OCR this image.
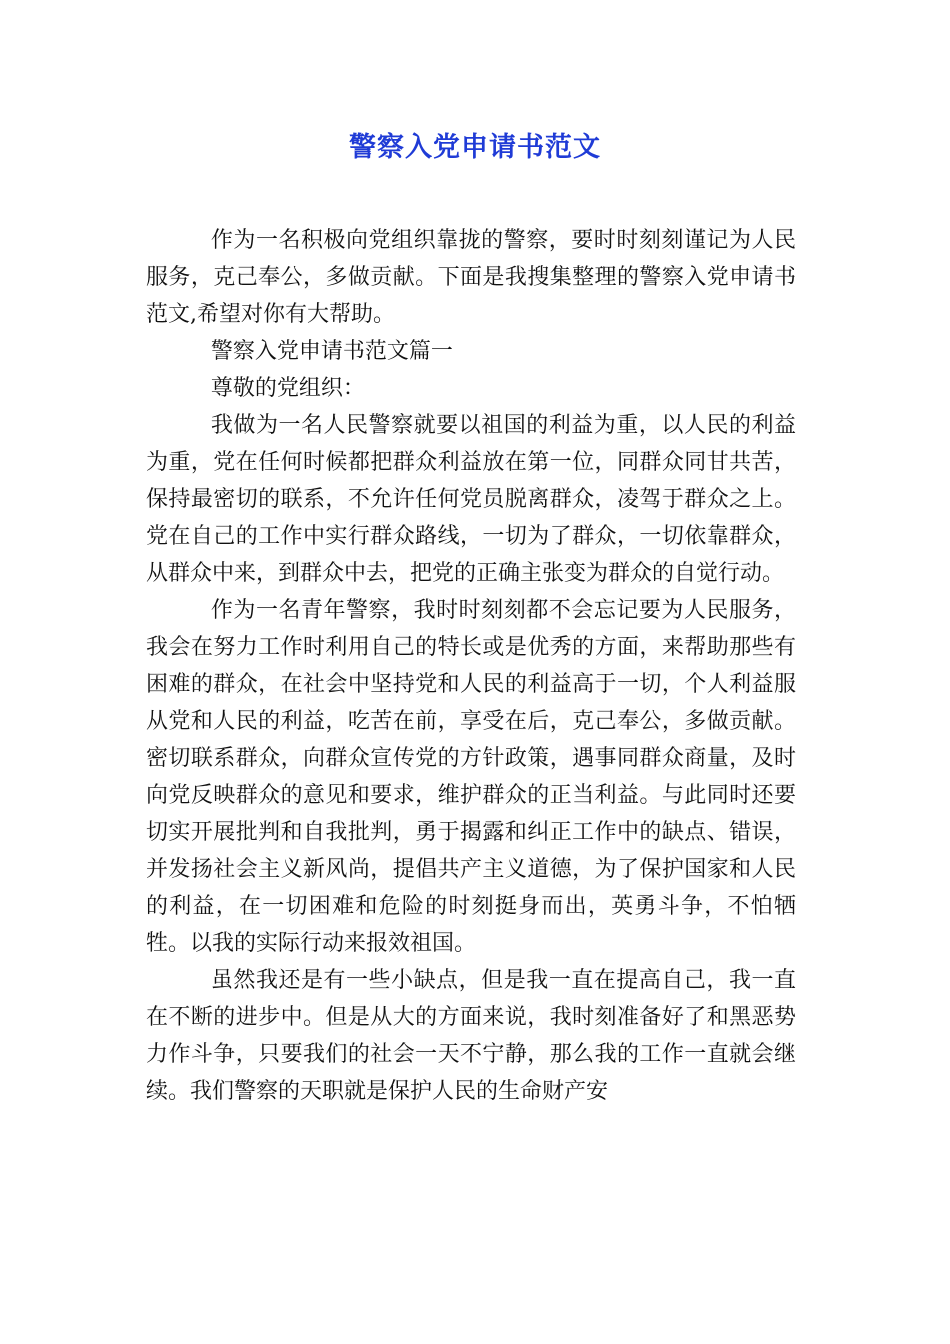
警察入党申请书范文

作为一名积极向党组织靠拢的警察，要时时刻刻谨记为人民服务，克己奉公，多做贡献。下面是我搜集整理的警察入党申请书范文,希望对你有大帮助。

警察入党申请书范文篇一

尊敬的党组织：

我做为一名人民警察就要以祖国的利益为重，以人民的利益为重，党在任何时候都把群众利益放在第一位，同群众同甘共苦，保持最密切的联系，不允许任何党员脱离群众，凌驾于群众之上。党在自己的工作中实行群众路线，一切为了群众，一切依靠群众，从群众中来，到群众中去，把党的正确主张变为群众的自觉行动。

作为一名青年警察，我时时刻刻都不会忘记要为人民服务，我会在努力工作时利用自己的特长或是优秀的方面，来帮助那些有困难的群众，在社会中坚持党和人民的利益高于一切，个人利益服从党和人民的利益，吃苦在前，享受在后，克己奉公，多做贡献。密切联系群众，向群众宣传党的方针政策，遇事同群众商量，及时向党反映群众的意见和要求，维护群众的正当利益。与此同时还要切实开展批判和自我批判，勇于揭露和纠正工作中的缺点、错误，并发扬社会主义新风尚，提倡共产主义道德，为了保护国家和人民的利益，在一切困难和危险的时刻挺身而出，英勇斗争，不怕牺牲。以我的实际行动来报效祖国。

虽然我还是有一些小缺点，但是我一直在提高自己，我一直在不断的进步中。但是从大的方面来说，我时刻准备好了和黑恶势力作斗争，只要我们的社会一天不宁静，那么我的工作一直就会继续。我们警察的天职就是保护人民的生命财产安
